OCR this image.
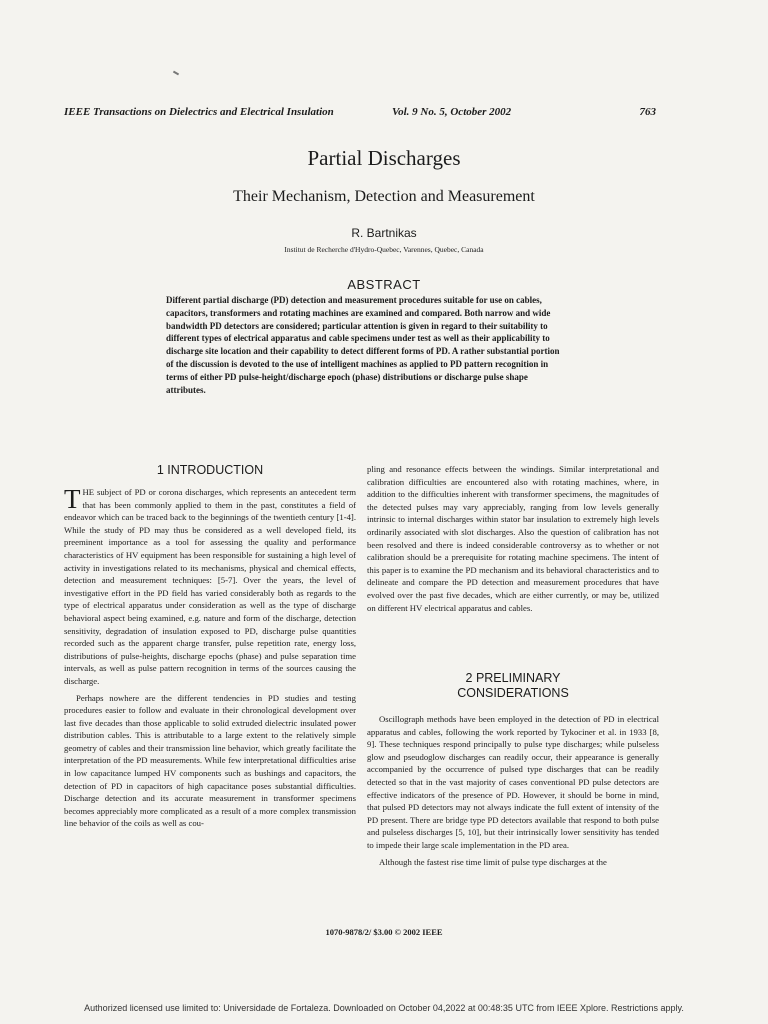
IEEE Transactions on Dielectrics and Electrical Insulation	Vol. 9 No. 5, October 2002	763
Partial Discharges
Their Mechanism, Detection and Measurement
R. Bartnikas
Institut de Recherche d'Hydro-Quebec, Varennes, Quebec, Canada
ABSTRACT
Different partial discharge (PD) detection and measurement procedures suitable for use on cables, capacitors, transformers and rotating machines are examined and compared. Both narrow and wide bandwidth PD detectors are considered; particular attention is given in regard to their suitability to different types of electrical apparatus and cable specimens under test as well as their applicability to discharge site location and their capability to detect different forms of PD. A rather substantial portion of the discussion is devoted to the use of intelligent machines as applied to PD pattern recognition in terms of either PD pulse-height/discharge epoch (phase) distributions or discharge pulse shape attributes.
1 INTRODUCTION

THE subject of PD or corona discharges, which represents an antecedent term that has been commonly applied to them in the past, constitutes a field of endeavor which can be traced back to the beginnings of the twentieth century [1-4]. While the study of PD may thus be considered as a well developed field, its preeminent importance as a tool for assessing the quality and performance characteristics of HV equipment has been responsible for sustaining a high level of activity in investigations related to its mechanisms, physical and chemical effects, detection and measurement techniques: [5-7]. Over the years, the level of investigative effort in the PD field has varied considerably both as regards to the type of electrical apparatus under consideration as well as the type of discharge behavioral aspect being examined, e.g. nature and form of the discharge, detection sensitivity, degradation of insulation exposed to PD, discharge pulse quantities recorded such as the apparent charge transfer, pulse repetition rate, energy loss, distributions of pulse-heights, discharge epochs (phase) and pulse separation time intervals, as well as pulse pattern recognition in terms of the sources causing the discharge.

Perhaps nowhere are the different tendencies in PD studies and testing procedures easier to follow and evaluate in their chronological development over last five decades than those applicable to solid extruded dielectric insulated power distribution cables. This is attributable to a large extent to the relatively simple geometry of cables and their transmission line behavior, which greatly facilitate the interpretation of the PD measurements. While few interpretational difficulties arise in low capacitance lumped HV components such as bushings and capacitors, the detection of PD in capacitors of high capacitance poses substantial difficulties. Discharge detection and its accurate measurement in transformer specimens becomes appreciably more complicated as a result of a more complex transmission line behavior of the coils as well as cou-

pling and resonance effects between the windings. Similar interpretational and calibration difficulties are encountered also with rotating machines, where, in addition to the difficulties inherent with transformer specimens, the magnitudes of the detected pulses may vary appreciably, ranging from low levels generally intrinsic to internal discharges within stator bar insulation to extremely high levels ordinarily associated with slot discharges. Also the question of calibration has not been resolved and there is indeed considerable controversy as to whether or not calibration should be a prerequisite for rotating machine specimens. The intent of this paper is to examine the PD mechanism and its behavioral characteristics and to delineate and compare the PD detection and measurement procedures that have evolved over the past five decades, which are either currently, or may be, utilized on different HV electrical apparatus and cables.

2 PRELIMINARY
CONSIDERATIONS

Oscillograph methods have been employed in the detection of PD in electrical apparatus and cables, following the work reported by Tykociner et al. in 1933 [8, 9]. These techniques respond principally to pulse type discharges; while pulseless glow and pseudoglow discharges can readily occur, their appearance is generally accompanied by the occurrence of pulsed type discharges that can be readily detected so that in the vast majority of cases conventional PD pulse detectors are effective indicators of the presence of PD. However, it should be borne in mind, that pulsed PD detectors may not always indicate the full extent of intensity of the PD present. There are bridge type PD detectors available that respond to both pulse and pulseless discharges [5, 10], but their intrinsically lower sensitivity has tended to impede their large scale implementation in the PD area.

Although the fastest rise time limit of pulse type discharges at the

1070-9878/2/ $3.00 © 2002 IEEE
Authorized licensed use limited to: Universidade de Fortaleza. Downloaded on October 04,2022 at 00:48:35 UTC from IEEE Xplore. Restrictions apply.
